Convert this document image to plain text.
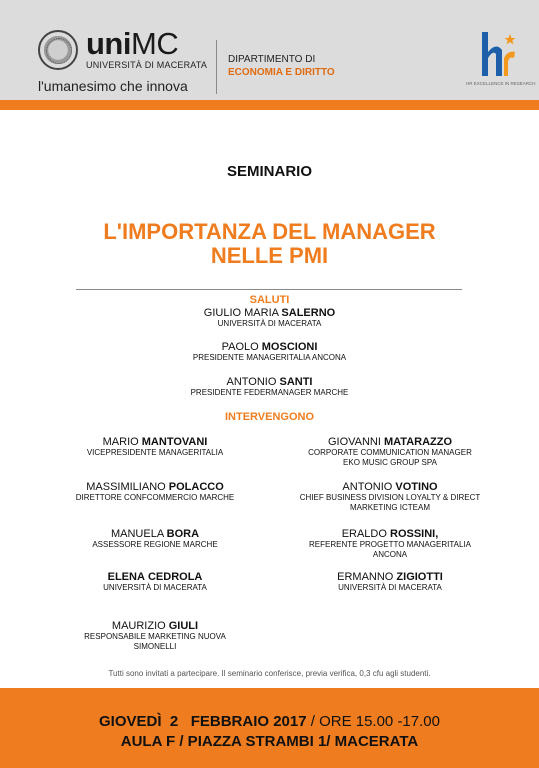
uniMC
UNIVERSITÀ DI MACERATA
l'umanesimo che innova
DIPARTIMENTO DI
ECONOMIA E DIRITTO
HR EXCELLENCE IN RESEARCH
SEMINARIO
L'IMPORTANZA DEL MANAGER
NELLE PMI
SALUTI
GIULIO MARIA SALERNO
UNIVERSITÀ DI MACERATA
PAOLO MOSCIONI
PRESIDENTE MANAGERITALIA ANCONA
ANTONIO SANTI
PRESIDENTE FEDERMANAGER MARCHE
INTERVENGONO
MARIO MANTOVANI
VICEPRESIDENTE MANAGERITALIA
MASSIMILIANO POLACCO
DIRETTORE CONFCOMMERCIO MARCHE
MANUELA BORA
ASSESSORE REGIONE MARCHE
ELENA CEDROLA
UNIVERSITÀ DI MACERATA
MAURIZIO GIULI
RESPONSABILE MARKETING NUOVA
SIMONELLI
GIOVANNI MATARAZZO
CORPORATE COMMUNICATION MANAGER
EKO MUSIC GROUP SPA
ANTONIO VOTINO
CHIEF BUSINESS DIVISION LOYALTY & DIRECT
MARKETING ICTEAM
ERALDO ROSSINI,
REFERENTE PROGETTO MANAGERITALIA
ANCONA
ERMANNO ZIGIOTTI
UNIVERSITÀ DI MACERATA
Tutti sono invitati a partecipare. Il seminario conferisce, previa verifica, 0,3 cfu agli studenti.
GIOVEDÌ  2   FEBBRAIO 2017 / ORE 15.00 -17.00
AULA F / PIAZZA STRAMBI 1/ MACERATA
